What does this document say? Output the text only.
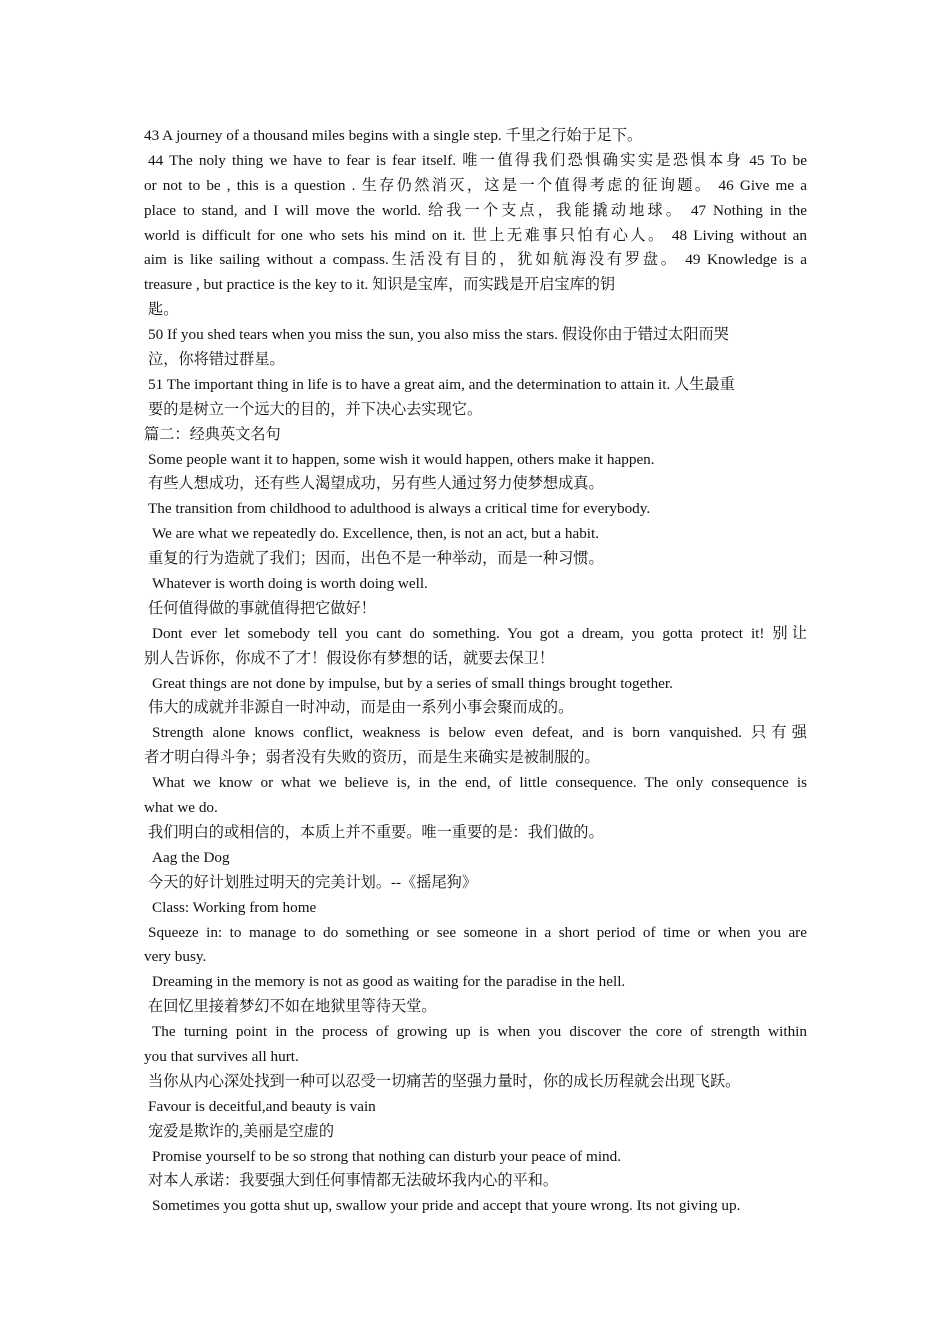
43 A journey of a thousand miles begins with a single step. 千里之行始于足下。
44 The noly thing we have to fear is fear itself. 唯一值得我们恐惧确实实是恐惧本身 45 To be
or not to be , this is a question . 生存仍然消灭，这是一个值得考虑的征询题。 46 Give me a
place to stand, and I will move the world. 给我一个支点，我能撬动地球。 47 Nothing in the
world is difficult for one who sets his mind on it. 世上无难事只怕有心人。 48 Living without an
aim is like sailing without a compass.生活没有目的，犹如航海没有罗盘。 49 Knowledge is a
treasure , but practice is the key to it. 知识是宝库，而实践是开启宝库的钥
匙。
50 If you shed tears when you miss the sun, you also miss the stars. 假设你由于错过太阳而哭
泣，你将错过群星。
51 The important thing in life is to have a great aim, and the determination to attain it. 人生最重
要的是树立一个远大的目的，并下决心去实现它。
篇二：经典英文名句
Some people want it to happen, some wish it would happen, others make it happen.
有些人想成功，还有些人渴望成功，另有些人通过努力使梦想成真。
The transition from childhood to adulthood is always a critical time for everybody.
We are what we repeatedly do. Excellence, then, is not an act, but a habit.
重复的行为造就了我们；因而，出色不是一种举动，而是一种习惯。
Whatever is worth doing is worth doing well.
任何值得做的事就值得把它做好！
Dont ever let somebody tell you cant do something. You got a dream, you gotta protect it! 别让
别人告诉你，你成不了才！假设你有梦想的话，就要去保卫！
Great things are not done by impulse, but by a series of small things brought together.
伟大的成就并非源自一时冲动，而是由一系列小事会聚而成的。
Strength alone knows conflict, weakness is below even defeat, and is born vanquished. 只有强
者才明白得斗争；弱者没有失败的资历，而是生来确实是被制服的。
What we know or what we believe is, in the end, of little consequence. The only consequence is
what we do.
我们明白的或相信的，本质上并不重要。唯一重要的是：我们做的。
Aag the Dog
今天的好计划胜过明天的完美计划。--《摇尾狗》
Class: Working from home
Squeeze in: to manage to do something or see someone in a short period of time or when you are
very busy.
Dreaming in the memory is not as good as waiting for the paradise in the hell.
在回忆里接着梦幻不如在地狱里等待天堂。
The turning point in the process of growing up is when you discover the core of strength within
you that survives all hurt.
当你从内心深处找到一种可以忍受一切痛苦的坚强力量时，你的成长历程就会出现飞跃。
Favour is deceitful,and beauty is vain
宠爱是欺诈的,美丽是空虚的
Promise yourself to be so strong that nothing can disturb your peace of mind.
对本人承诺：我要强大到任何事情都无法破坏我内心的平和。
Sometimes you gotta shut up, swallow your pride and accept that youre wrong. Its not giving up.
